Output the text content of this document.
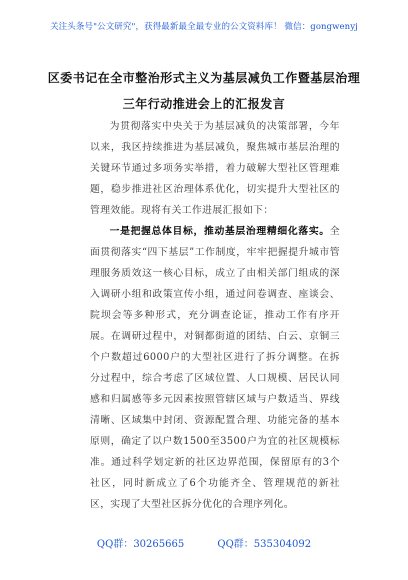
关注头条号"公文研究"，获得最新最全最专业的公文资料库！ 微信：gongwenyj
区委书记在全市整治形式主义为基层减负工作暨基层治理
三年行动推进会上的汇报发言

为贯彻落实中央关于为基层减负的决策部署，今年以来，我区持续推进为基层减负，聚焦城市基层治理的关键环节通过多项务实举措，着力破解大型社区管理难题，稳步推进社区治理体系优化，切实提升大型社区的管理效能。现将有关工作进展汇报如下：

一是把握总体目标，推动基层治理精细化落实。全面贯彻落实“四下基层”工作制度，牢牢把握提升城市管理服务质效这一核心目标，成立了由相关部门组成的深入调研小组和政策宣传小组，通过问卷调查、座谈会、院坝会等多种形式，充分调查论证，推动工作有序开展。在调研过程中，对铜都街道的团结、白云、京铜三个户数超过6000户的大型社区进行了拆分调整。在拆分过程中，综合考虑了区域位置、人口规模、居民认同感和归属感等多元因素按照管辖区域与户数适当、界线清晰、区域集中封闭、资源配置合理、功能完备的基本原则，确定了以户数1500至3500户为宜的社区规模标准。通过科学划定新的社区边界范围，保留原有的3个社区，同时新成立了6个功能齐全、管理规范的新社区，实现了大型社区拆分优化的合理序列化。

QQ群：30265665	QQ群：535304092
